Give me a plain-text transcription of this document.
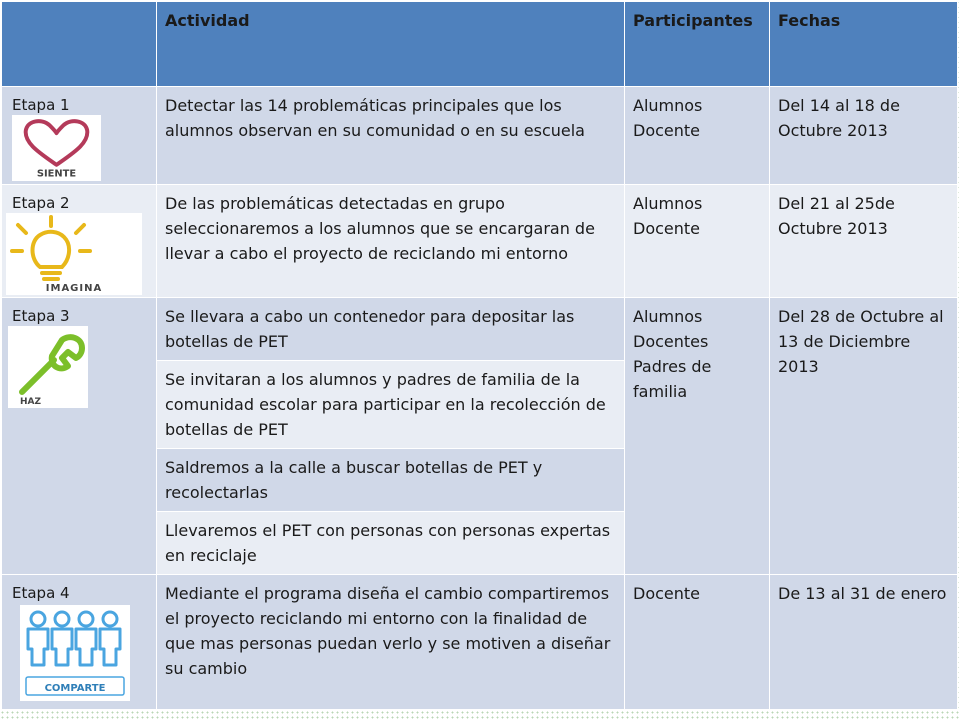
	Actividad	Participantes	Fechas

Etapa 1
SIENTE	Detectar las 14 problemáticas principales que los alumnos observan en su comunidad o en su escuela	Alumnos Docente	Del 14 al 18 de Octubre 2013

Etapa 2
IMAGINA	De las problemáticas detectadas en grupo seleccionaremos a los alumnos que se encargaran de llevar a cabo el proyecto de reciclando mi entorno	Alumnos Docente	Del 21 al 25de Octubre 2013

Etapa 3
HAZ	Se llevara a cabo un contenedor para depositar las botellas de PET	Alumnos Docentes Padres de familia	Del 28 de Octubre al 13 de Diciembre 2013
	Se invitaran a los alumnos y padres de familia de la comunidad escolar para participar en la recolección de botellas de PET		
	Saldremos a la calle a buscar botellas de PET y recolectarlas		
	Llevaremos el PET con personas con personas expertas en reciclaje		

Etapa 4
COMPARTE	Mediante el programa diseña el cambio compartiremos el proyecto reciclando mi entorno con la finalidad de que mas personas puedan verlo y se motiven a diseñar su cambio	Docente	De 13 al 31 de enero
